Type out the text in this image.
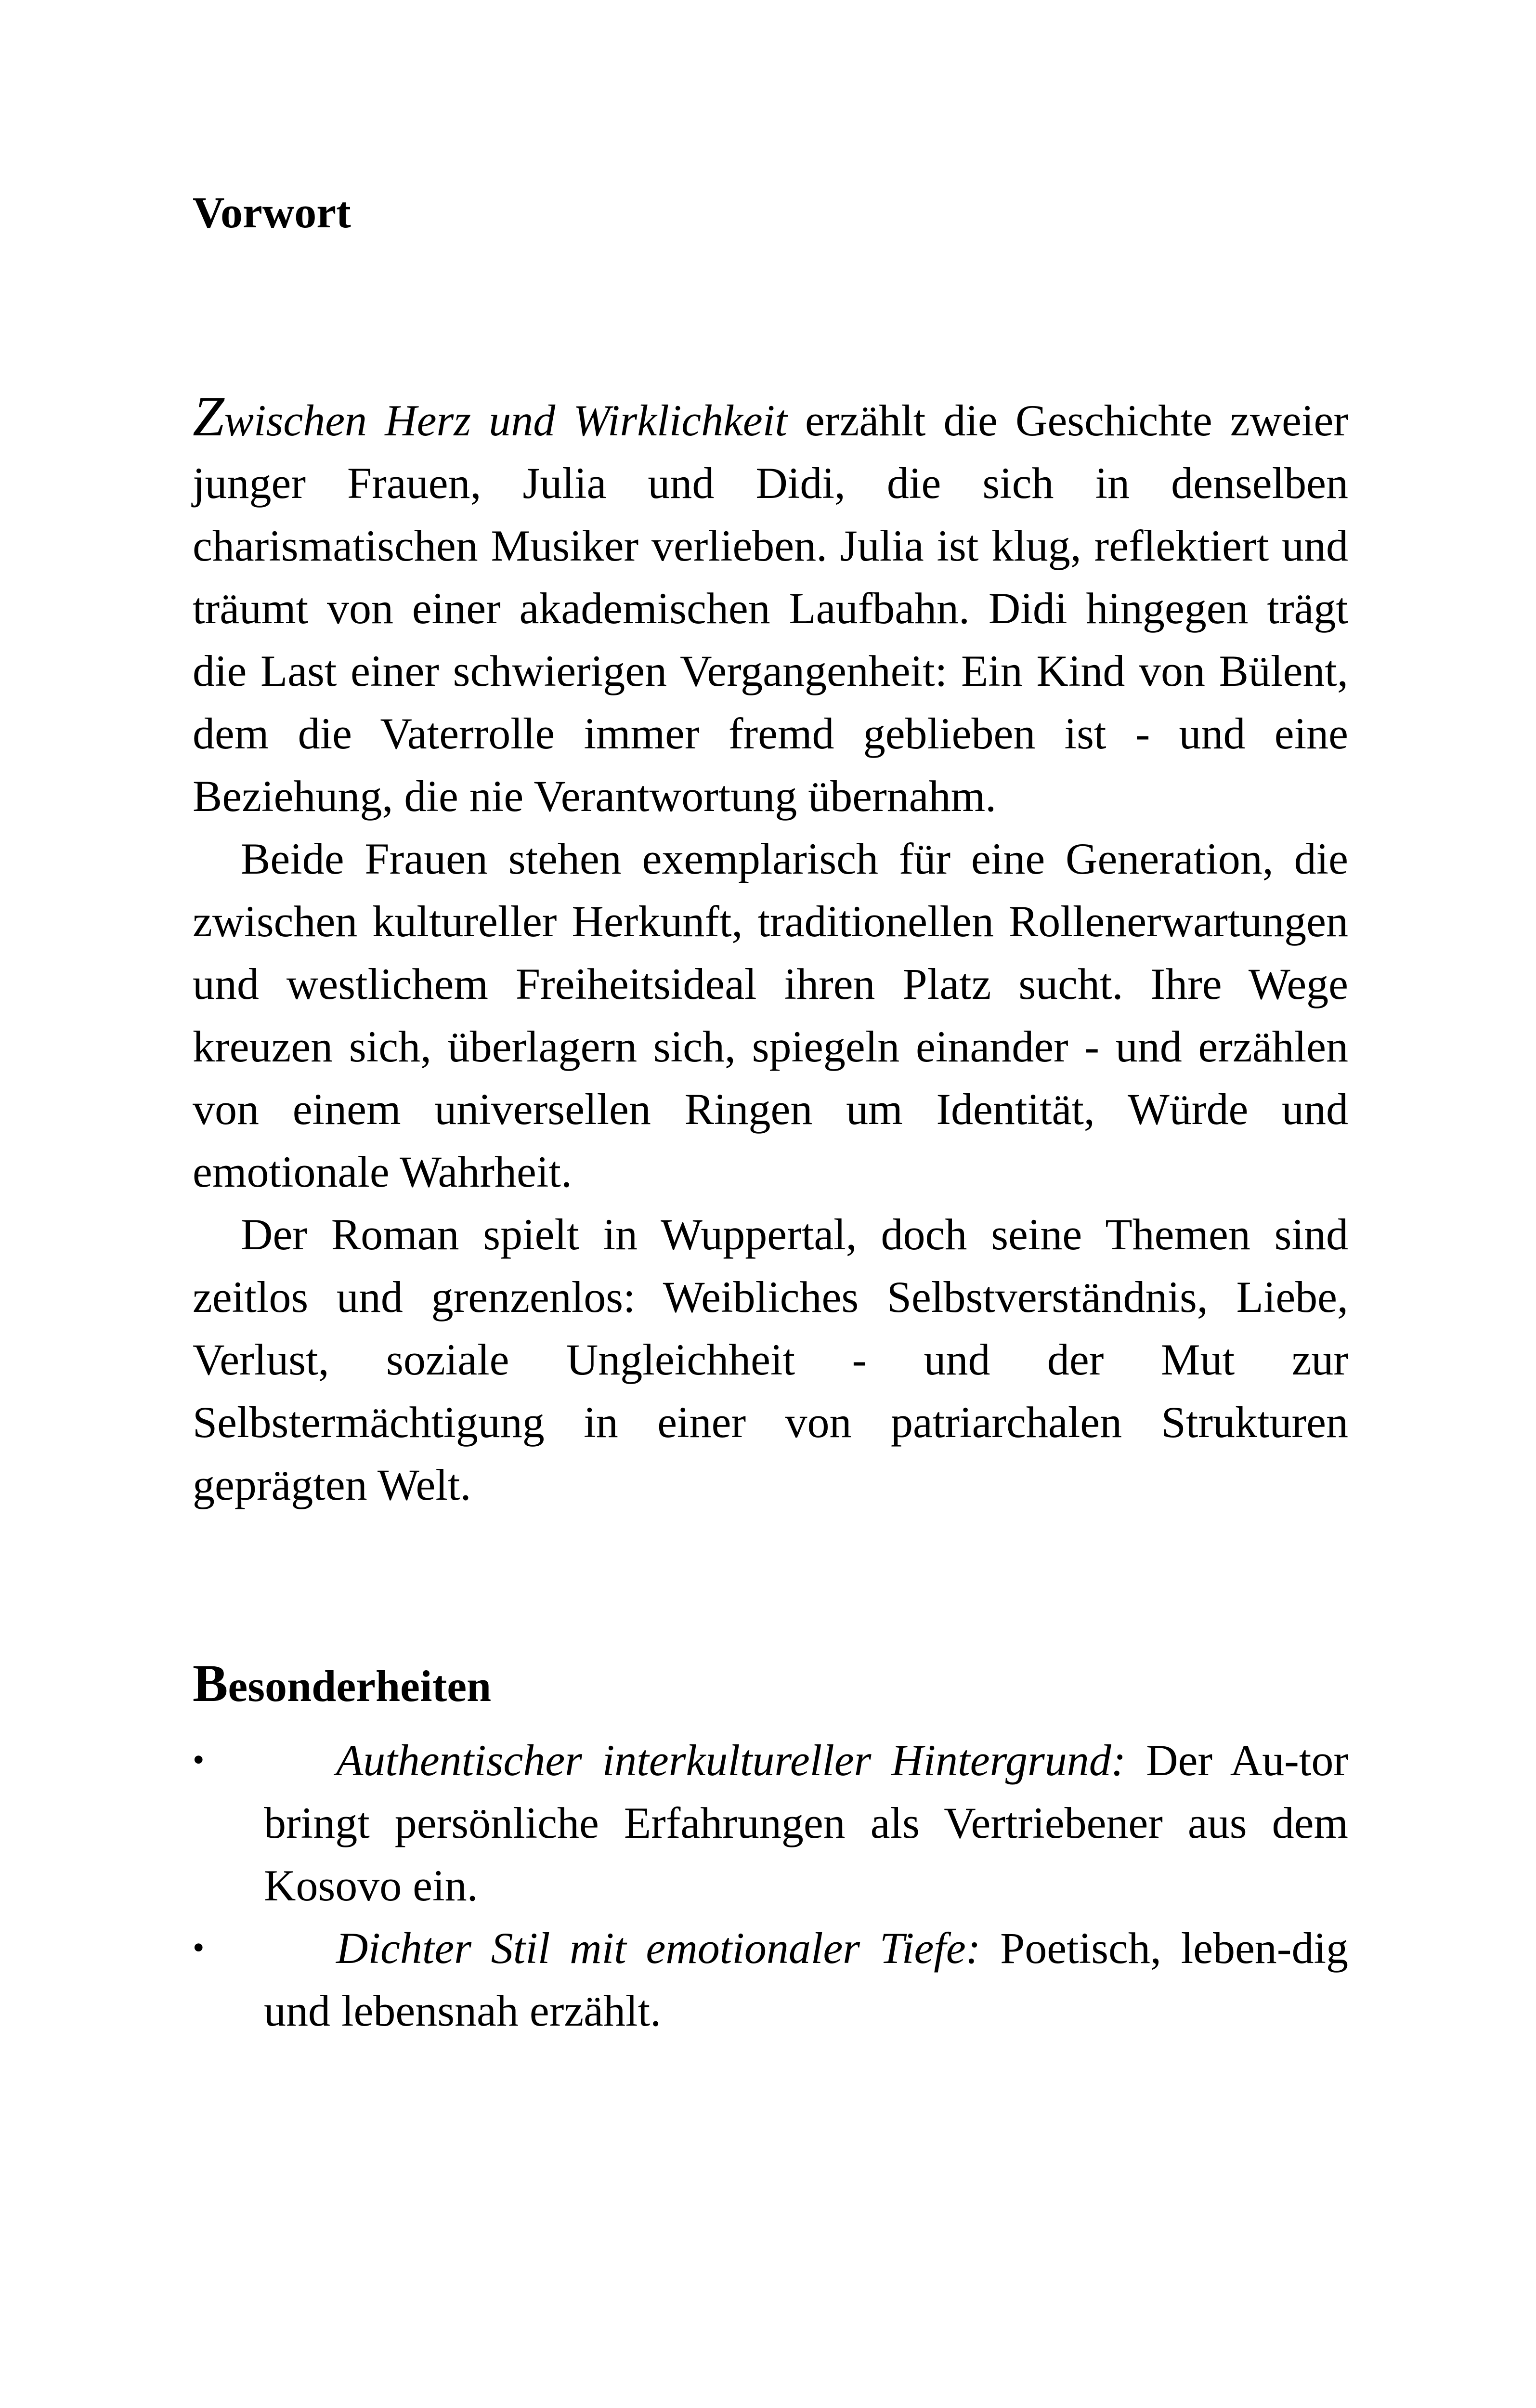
Vorwort

Zwischen Herz und Wirklichkeit erzählt die Geschichte zweier junger Frauen, Julia und Didi, die sich in denselben charismatischen Musiker verlieben. Julia ist klug, reflektiert und träumt von einer akademischen Laufbahn. Didi hingegen trägt die Last einer schwierigen Vergangenheit: Ein Kind von Bülent, dem die Vaterrolle immer fremd geblieben ist - und eine Beziehung, die nie Verantwortung übernahm.

Beide Frauen stehen exemplarisch für eine Generation, die zwischen kultureller Herkunft, traditionellen Rollenerwartungen und westlichem Freiheitsideal ihren Platz sucht. Ihre Wege kreuzen sich, überlagern sich, spiegeln einander - und erzählen von einem universellen Ringen um Identität, Würde und emotionale Wahrheit.

Der Roman spielt in Wuppertal, doch seine Themen sind zeitlos und grenzenlos: Weibliches Selbstverständnis, Liebe, Verlust, soziale Ungleichheit - und der Mut zur Selbstermächtigung in einer von patriarchalen Strukturen geprägten Welt.

Besonderheiten
•	Authentischer interkultureller Hintergrund: Der Au-tor bringt persönliche Erfahrungen als Vertriebener aus dem Kosovo ein.
•	Dichter Stil mit emotionaler Tiefe: Poetisch, leben-dig und lebensnah erzählt.
